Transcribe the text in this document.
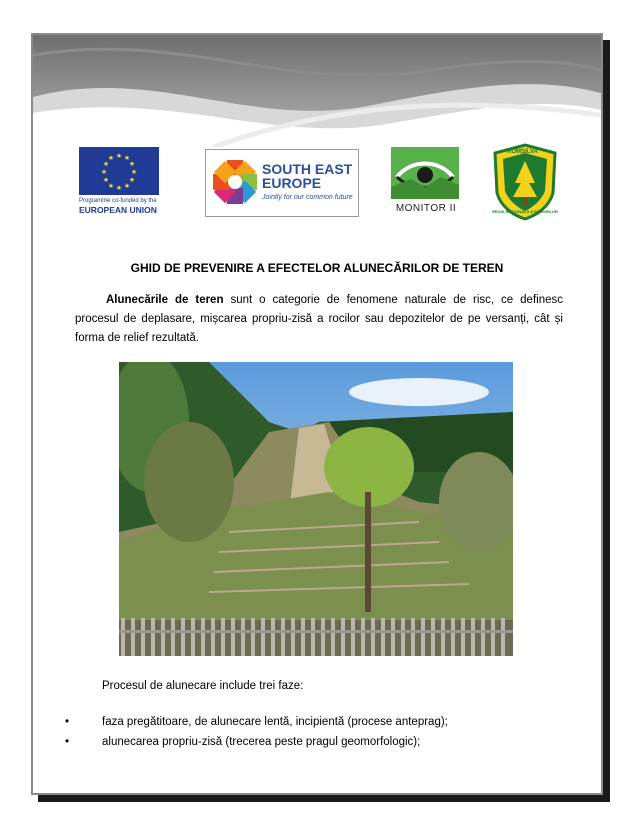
★ ★
★
★
★
★
★
★
★
★
★
★
Programme co-funded by the
EUROPEAN UNION
SOUTH EAST
EUROPE
Jointly for our common future
MONITOR II
ROMSILVA
REGIA NAȚIONALĂ A PĂDURILOR
GHID DE PREVENIRE A EFECTELOR ALUNECĂRILOR DE TEREN
Alunecările de teren sunt o categorie de fenomene naturale de risc, ce definesc procesul de deplasare, mișcarea propriu-zisă a rocilor sau depozitelor de pe versanți, cât și forma de relief rezultată.
Procesul de alunecare include trei faze:
•	faza pregătitoare, de alunecare lentă, incipientă (procese anteprag);
•	alunecarea propriu-zisă (trecerea peste pragul geomorfologic);
